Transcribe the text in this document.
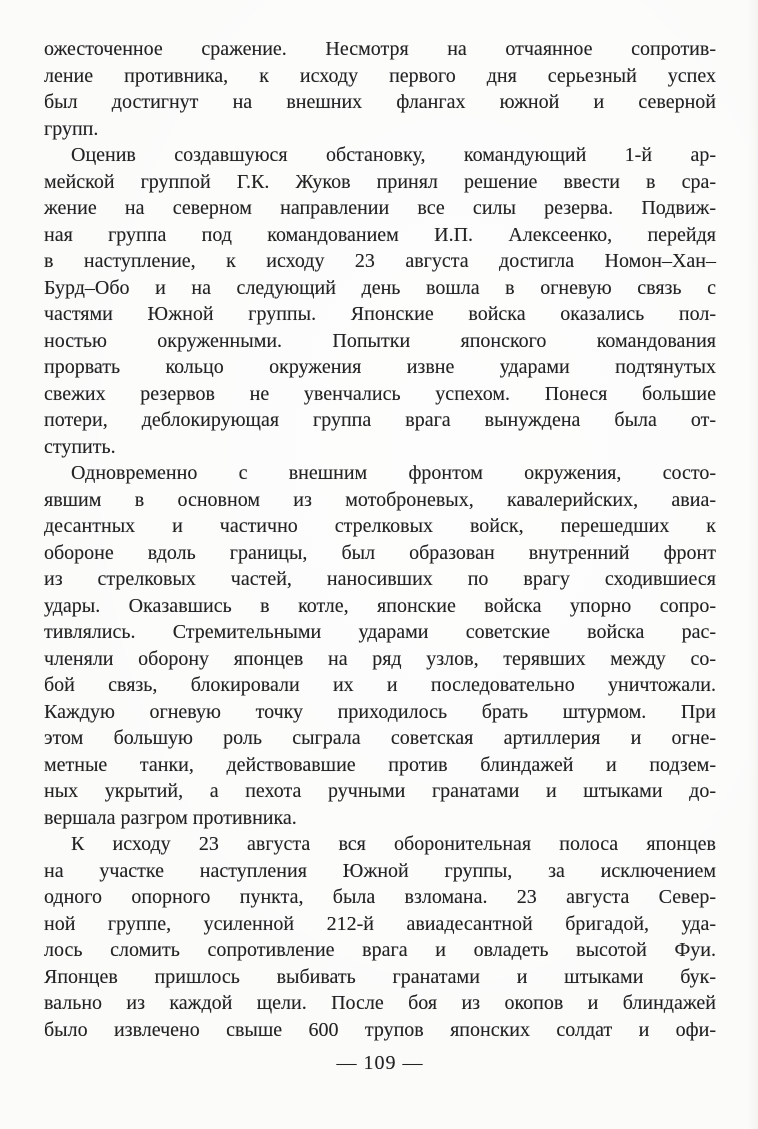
ожесточенное сражение. Несмотря на отчаянное сопротив-
ление противника, к исходу первого дня серьезный успех
был достигнут на внешних флангах южной и северной
групп.

Оценив создавшуюся обстановку, командующий 1-й ар-
мейской группой Г.К. Жуков принял решение ввести в сра-
жение на северном направлении все силы резерва. Подвиж-
ная группа под командованием И.П. Алексеенко, перейдя
в наступление, к исходу 23 августа достигла Номон–Хан–
Бурд–Обо и на следующий день вошла в огневую связь с
частями Южной группы. Японские войска оказались пол-
ностью окруженными. Попытки японского командования
прорвать кольцо окружения извне ударами подтянутых
свежих резервов не увенчались успехом. Понеся большие
потери, деблокирующая группа врага вынуждена была от-
ступить.

Одновременно с внешним фронтом окружения, состо-
явшим в основном из мотоброневых, кавалерийских, авиа-
десантных и частично стрелковых войск, перешедших к
обороне вдоль границы, был образован внутренний фронт
из стрелковых частей, наносивших по врагу сходившиеся
удары. Оказавшись в котле, японские войска упорно сопро-
тивлялись. Стремительными ударами советские войска рас-
членяли оборону японцев на ряд узлов, терявших между со-
бой связь, блокировали их и последовательно уничтожали.
Каждую огневую точку приходилось брать штурмом. При
этом большую роль сыграла советская артиллерия и огне-
метные танки, действовавшие против блиндажей и подзем-
ных укрытий, а пехота ручными гранатами и штыками до-
вершала разгром противника.

К исходу 23 августа вся оборонительная полоса японцев
на участке наступления Южной группы, за исключением
одного опорного пункта, была взломана. 23 августа Север-
ной группе, усиленной 212-й авиадесантной бригадой, уда-
лось сломить сопротивление врага и овладеть высотой Фуи.
Японцев пришлось выбивать гранатами и штыками бук-
вально из каждой щели. После боя из окопов и блиндажей
было извлечено свыше 600 трупов японских солдат и офи-

— 109 —
